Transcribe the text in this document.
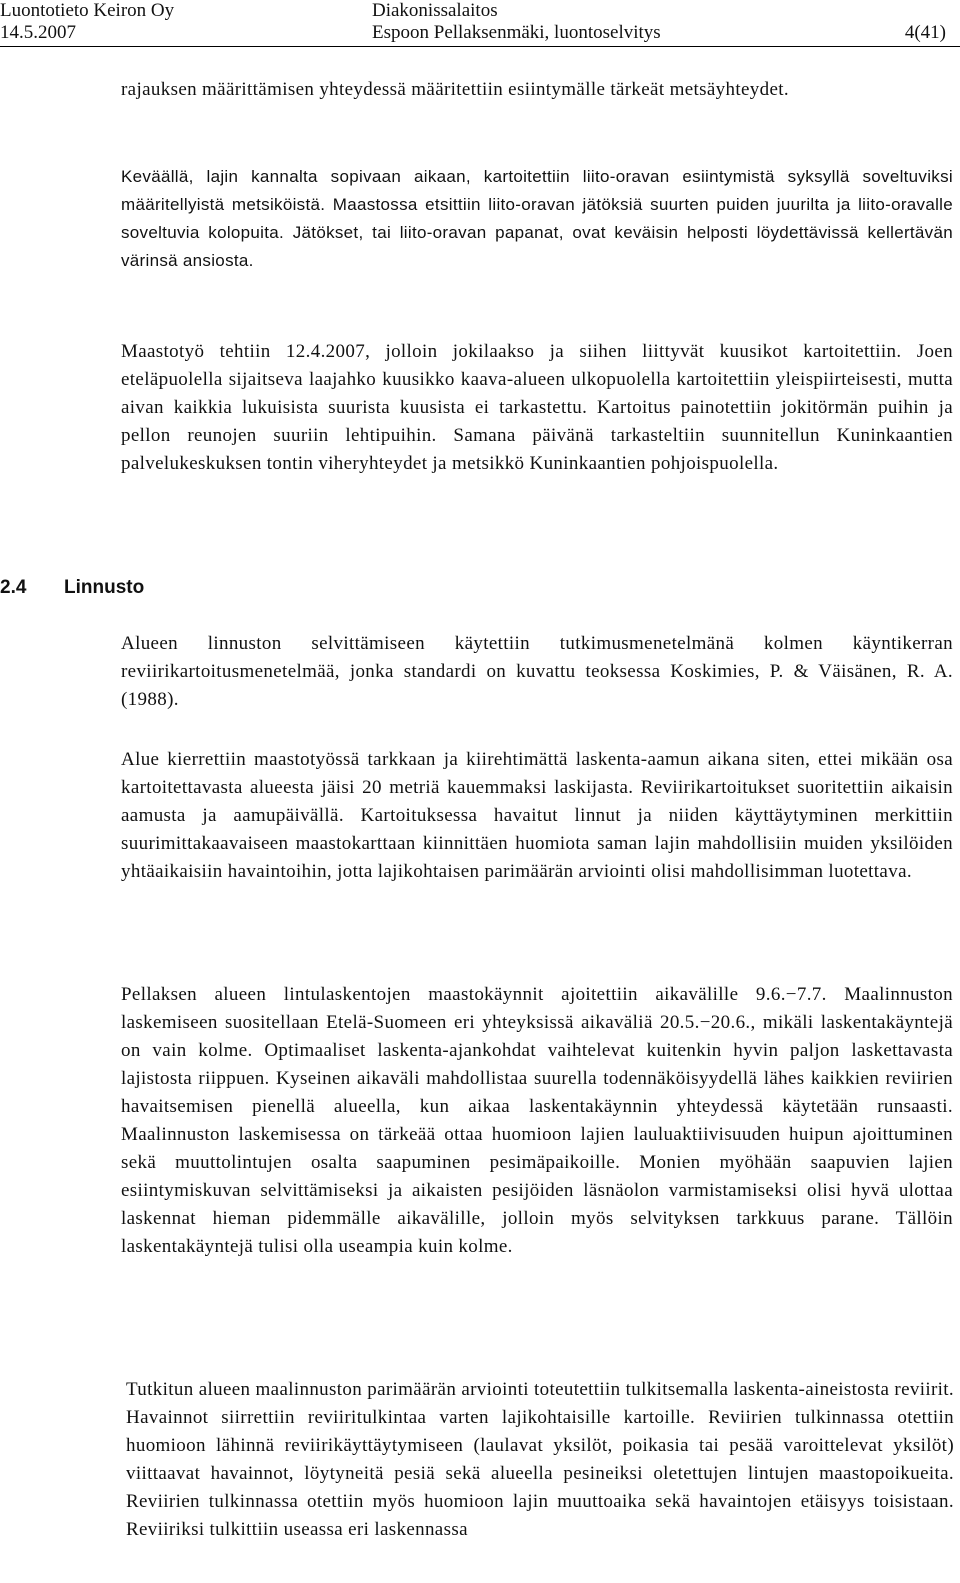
Luontotieto Keiron Oy
14.5.2007
Diakonissalaitos
Espoon Pellaksenmäki, luontoselvitys	4(41)

rajauksen määrittämisen yhteydessä määritettiin esiintymälle tärkeät metsäyhteydet.

Keväällä, lajin kannalta sopivaan aikaan, kartoitettiin liito-oravan esiintymistä syksyllä soveltuviksi määritellyistä metsiköistä. Maastossa etsittiin liito-oravan jätöksiä suurten puiden juurilta ja liito-oravalle soveltuvia kolopuita. Jätökset, tai liito-oravan papanat, ovat keväisin helposti löydettävissä kellertävän värinsä ansiosta.

Maastotyö tehtiin 12.4.2007, jolloin jokilaakso ja siihen liittyvät kuusikot kartoitettiin. Joen eteläpuolella sijaitseva laajahko kuusikko kaava-alueen ulkopuolella kartoitettiin yleispiirteisesti, mutta aivan kaikkia lukuisista suurista kuusista ei tarkastettu. Kartoitus painotettiin jokitörmän puihin ja pellon reunojen suuriin lehtipuihin. Samana päivänä tarkasteltiin suunnitellun Kuninkaantien palvelukeskuksen tontin viheryhteydet ja metsikkö Kuninkaantien pohjoispuolella.

2.4 Linnusto

Alueen linnuston selvittämiseen käytettiin tutkimusmenetelmänä kolmen käyntikerran reviirikartoitusmenetelmää, jonka standardi on kuvattu teoksessa Koskimies, P. & Väisänen, R. A. (1988).

Alue kierrettiin maastotyössä tarkkaan ja kiirehtimättä laskenta-aamun aikana siten, ettei mikään osa kartoitettavasta alueesta jäisi 20 metriä kauemmaksi laskijasta. Reviirikartoitukset suoritettiin aikaisin aamusta ja aamupäivällä. Kartoituksessa havaitut linnut ja niiden käyttäytyminen merkittiin suurimittakaavaiseen maastokarttaan kiinnittäen huomiota saman lajin mahdollisiin muiden yksilöiden yhtäaikaisiin havaintoihin, jotta lajikohtaisen parimäärän arviointi olisi mahdollisimman luotettava.

Pellaksen alueen lintulaskentojen maastokäynnit ajoitettiin aikavälille 9.6.−7.7. Maalinnuston laskemiseen suositellaan Etelä-Suomeen eri yhteyksissä aikaväliä 20.5.−20.6., mikäli laskentakäyntejä on vain kolme. Optimaaliset laskenta-ajankohdat vaihtelevat kuitenkin hyvin paljon laskettavasta lajistosta riippuen. Kyseinen aikaväli mahdollistaa suurella todennäköisyydellä lähes kaikkien reviirien havaitsemisen pienellä alueella, kun aikaa laskentakäynnin yhteydessä käytetään runsaasti. Maalinnuston laskemisessa on tärkeää ottaa huomioon lajien lauluaktiivisuuden huipun ajoittuminen sekä muuttolintujen osalta saapuminen pesimäpaikoille. Monien myöhään saapuvien lajien esiintymiskuvan selvittämiseksi ja aikaisten pesijöiden läsnäolon varmistamiseksi olisi hyvä ulottaa laskennat hieman pidemmälle aikavälille, jolloin myös selvityksen tarkkuus parane. Tällöin laskentakäyntejä tulisi olla useampia kuin kolme.

Tutkitun alueen maalinnuston parimäärän arviointi toteutettiin tulkitsemalla laskenta-aineistosta reviirit. Havainnot siirrettiin reviiritulkintaa varten lajikohtaisille kartoille. Reviirien tulkinnassa otettiin huomioon lähinnä reviirikäyttäytymiseen (laulavat yksilöt, poikasia tai pesää varoittelevat yksilöt) viittaavat havainnot, löytyneitä pesiä sekä alueella pesineiksi oletettujen lintujen maastopoikueita. Reviirien tulkinnassa otettiin myös huomioon lajin muuttoaika sekä havaintojen etäisyys toisistaan. Reviiriksi tulkittiin useassa eri laskennassa
